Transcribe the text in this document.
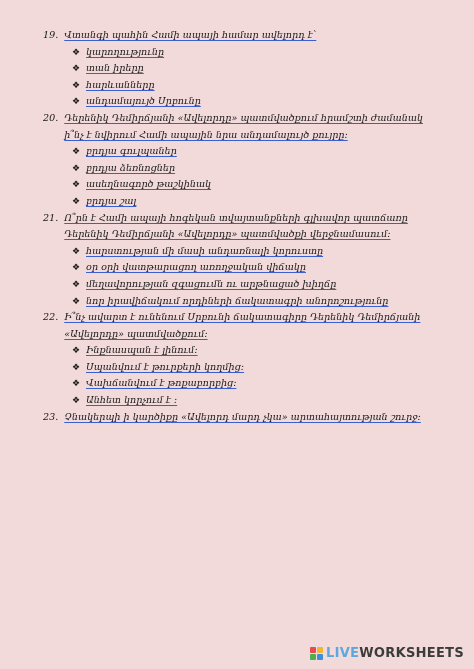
19. Վտանգի պահին Համի ապայի համար ավելորդ է՝
❖ կարողությունը
❖ տան իրերը
❖ հարևանները
❖ անդամայույծ Սրբունը
20. Դերենիկ Դեմիրճյանի «Ավելորդը» պատմվածքում հրամշտի ժամանակ ի՞նչ է նվիրում Համի ապային նրա անդամալույծ քույրը:
❖ բրդյա գուլպաներ
❖ բրդյա ձեռնոցներ
❖ ասեղնագործ թաշկինակ
❖ բրդյա շալ
21. Ո՞րն է Համի ապայի հոգեկան տվայտանքների գլխավոր պատճառը Դերենիկ Դեմիրճյանի «Ավելորդը» պատմվածքի վերջնամասում:
❖ հարստության մի մասի անդառնալի կորուստը
❖ օր օրի վատթարացող առողջական վիճակը
❖ մեղավորության զգացումն ու արթնացած խիղճը
❖ նոր իրավիճակում որդիների ճակատագրի անորոշությունը
22. Ի՞նչ ավարտ է ունենում Սրբունի ճակատագիրը Դերենիկ Դեմիրճյանի «Ավելորդը» պատմվածքում:
❖ Ինքնասպան է լինում:
❖ Սպանվում է թուրքերի կողմից:
❖ Վախճանվում է թոքաբորբից:
❖ Անհետ կորչում է :
23. Չնակերպի ի կարծիքը «Ավելորդ մարդ չկա» արտահայտության շուրջ:
LIVE WORKSHEETS
